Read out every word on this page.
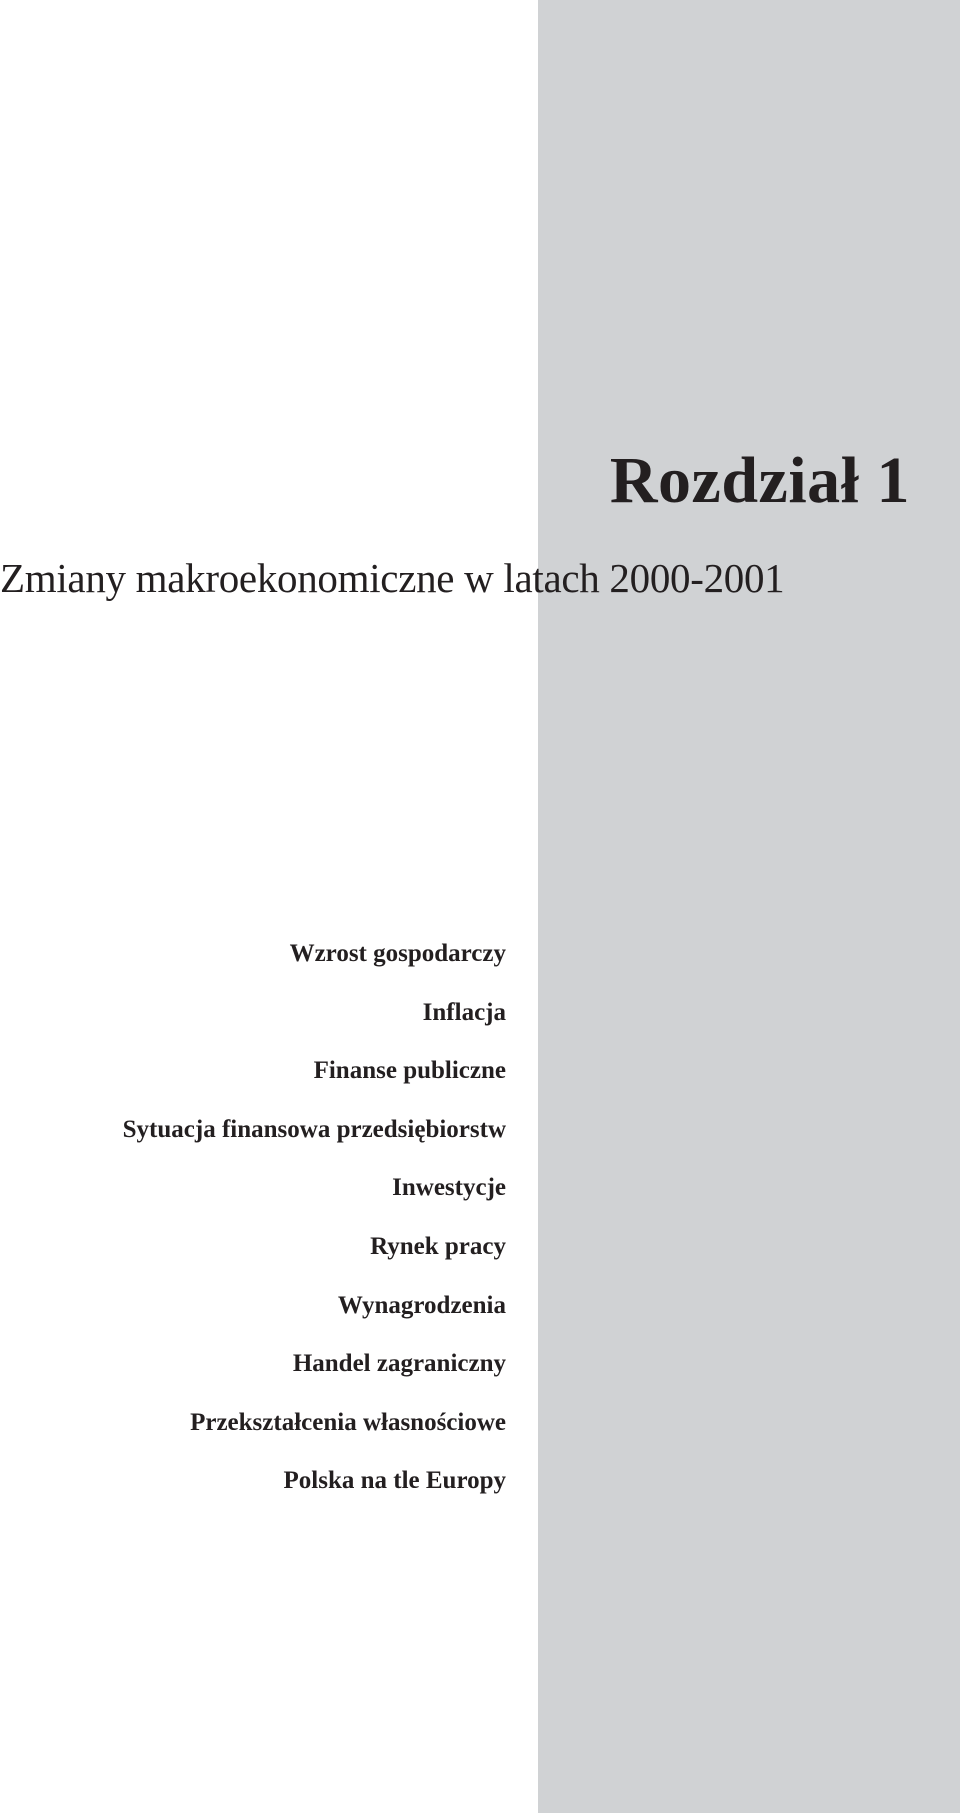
Rozdział 1
Zmiany makroekonomiczne w latach 2000-2001
Wzrost gospodarczy
Inflacja
Finanse publiczne
Sytuacja finansowa przedsiębiorstw
Inwestycje
Rynek pracy
Wynagrodzenia
Handel zagraniczny
Przekształcenia własnościowe
Polska na tle Europy
